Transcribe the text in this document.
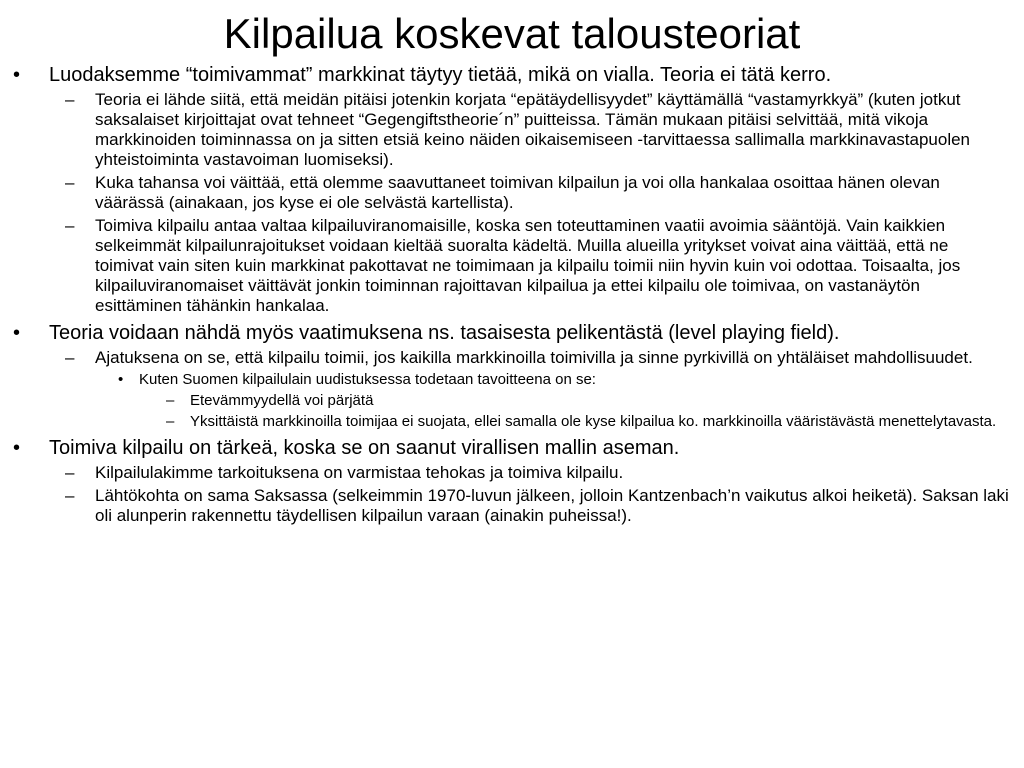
Kilpailua koskevat talousteoriat
• Luodaksemme “toimivammat” markkinat täytyy tietää, mikä on vialla. Teoria ei tätä kerro.
– Teoria ei lähde siitä, että meidän pitäisi jotenkin korjata “epätäydellisyydet” käyttämällä “vastamyrkkyä” (kuten jotkut saksalaiset kirjoittajat ovat tehneet “Gegengiftstheorie´n” puitteissa. Tämän mukaan pitäisi selvittää, mitä vikoja markkinoiden toiminnassa on ja sitten etsiä keino näiden oikaisemiseen -tarvittaessa sallimalla markkinavastapuolen yhteistoiminta vastavoiman luomiseksi).
– Kuka tahansa voi väittää, että olemme saavuttaneet toimivan kilpailun ja voi olla hankalaa osoittaa hänen olevan väärässä (ainakaan, jos kyse ei ole selvästä kartellista).
– Toimiva kilpailu antaa valtaa kilpailuviranomaisille, koska sen toteuttaminen vaatii avoimia sääntöjä. Vain kaikkien selkeimmät kilpailunrajoitukset voidaan kieltää suoralta kädeltä. Muilla alueilla yritykset voivat aina väittää, että ne toimivat vain siten kuin markkinat pakottavat ne toimimaan ja kilpailu toimii niin hyvin kuin voi odottaa. Toisaalta, jos kilpailuviranomaiset väittävät jonkin toiminnan rajoittavan kilpailua ja ettei kilpailu ole toimivaa, on vastanäytön esittäminen tähänkin hankalaa.
• Teoria voidaan nähdä myös vaatimuksena ns. tasaisesta pelikentästä (level playing field).
– Ajatuksena on se, että kilpailu toimii, jos kaikilla markkinoilla toimivilla ja sinne pyrkivillä on yhtäläiset mahdollisuudet.
• Kuten Suomen kilpailulain uudistuksessa todetaan tavoitteena on se:
– Etevämmyydellä voi pärjätä
– Yksittäistä markkinoilla toimijaa ei suojata, ellei samalla ole kyse kilpailua ko. markkinoilla vääristävästä menettelytavasta.
• Toimiva kilpailu on tärkeä, koska se on saanut virallisen mallin aseman.
– Kilpailulakimme tarkoituksena on varmistaa tehokas ja toimiva kilpailu.
– Lähtökohta on sama Saksassa (selkeimmin 1970-luvun jälkeen, jolloin Kantzenbach’n vaikutus alkoi heiketä). Saksan laki oli alunperin rakennettu täydellisen kilpailun varaan (ainakin puheissa!).
